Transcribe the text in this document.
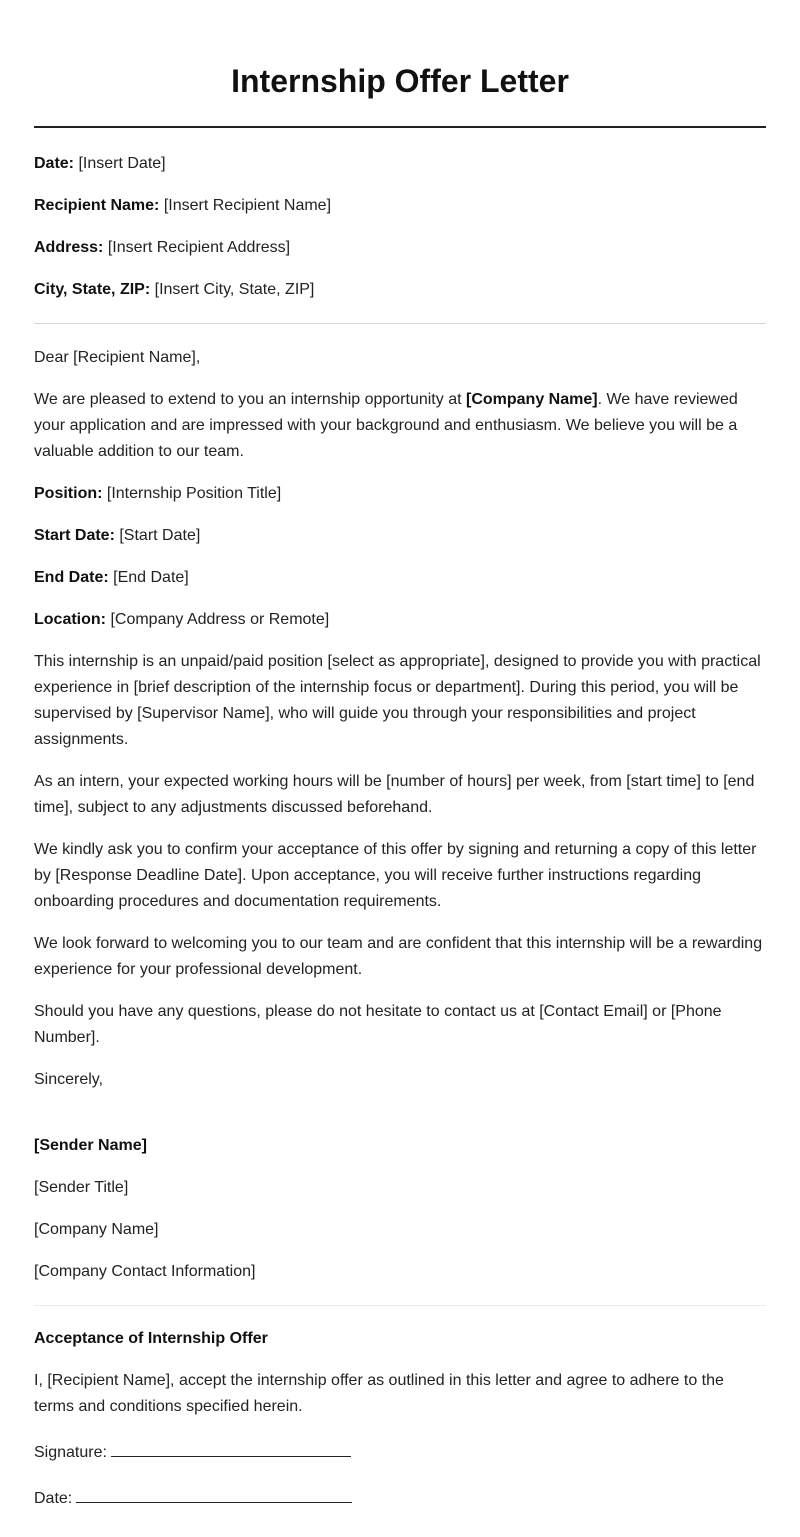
Internship Offer Letter

Date: [Insert Date]

Recipient Name: [Insert Recipient Name]

Address: [Insert Recipient Address]

City, State, ZIP: [Insert City, State, ZIP]

Dear [Recipient Name],

We are pleased to extend to you an internship opportunity at [Company Name]. We have reviewed your application and are impressed with your background and enthusiasm. We believe you will be a valuable addition to our team.

Position: [Internship Position Title]

Start Date: [Start Date]

End Date: [End Date]

Location: [Company Address or Remote]

This internship is an unpaid/paid position [select as appropriate], designed to provide you with practical experience in [brief description of the internship focus or department]. During this period, you will be supervised by [Supervisor Name], who will guide you through your responsibilities and project assignments.

As an intern, your expected working hours will be [number of hours] per week, from [start time] to [end time], subject to any adjustments discussed beforehand.

We kindly ask you to confirm your acceptance of this offer by signing and returning a copy of this letter by [Response Deadline Date]. Upon acceptance, you will receive further instructions regarding onboarding procedures and documentation requirements.

We look forward to welcoming you to our team and are confident that this internship will be a rewarding experience for your professional development.

Should you have any questions, please do not hesitate to contact us at [Contact Email] or [Phone Number].

Sincerely,

[Sender Name]

[Sender Title]

[Company Name]

[Company Contact Information]

Acceptance of Internship Offer

I, [Recipient Name], accept the internship offer as outlined in this letter and agree to adhere to the terms and conditions specified herein.

Signature:

Date:
